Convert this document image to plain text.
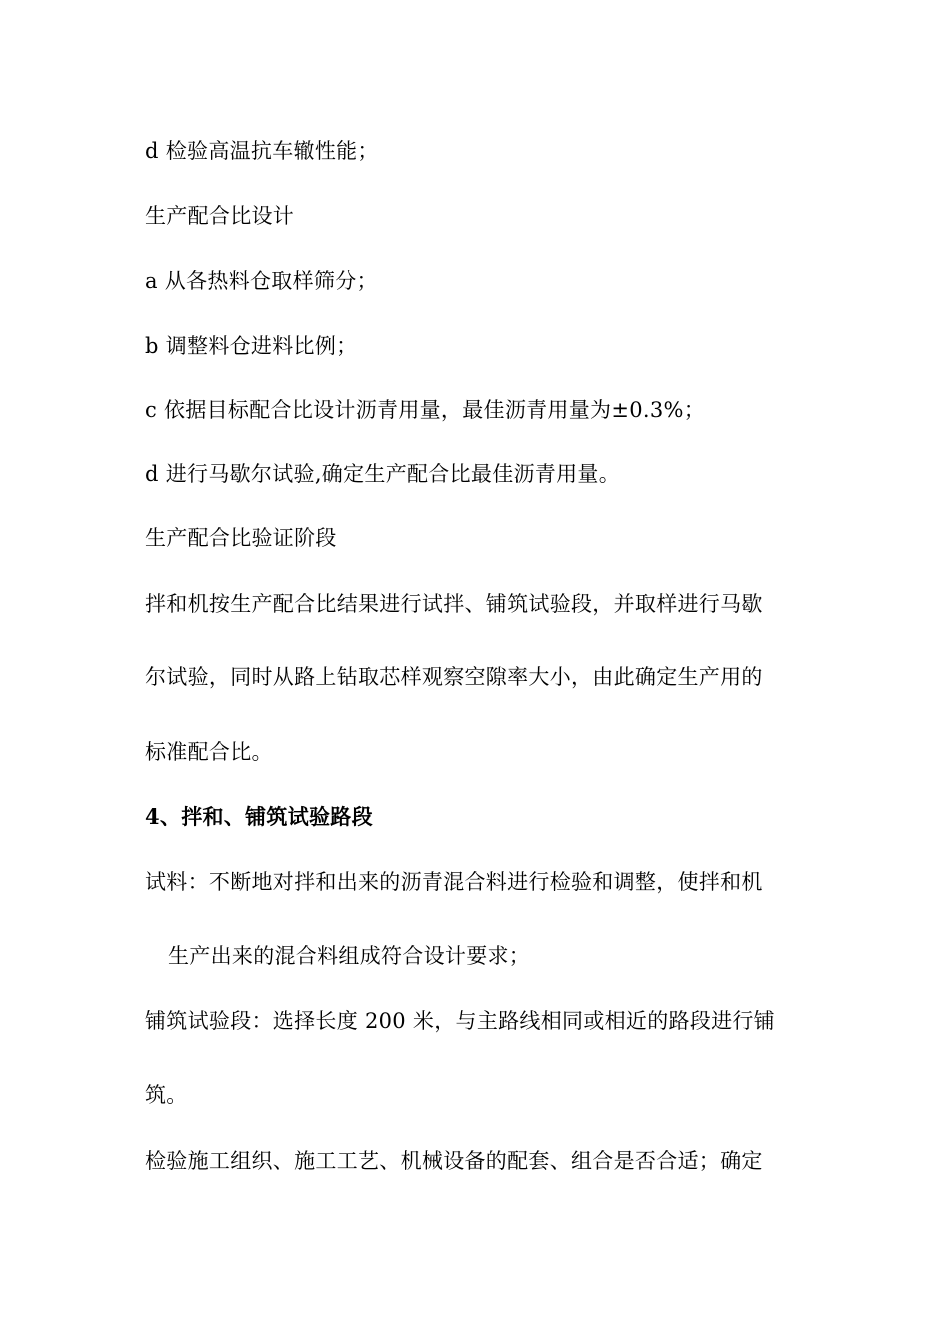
d 检验高温抗车辙性能；
生产配合比设计
a 从各热料仓取样筛分；
b 调整料仓进料比例；
c 依据目标配合比设计沥青用量，最佳沥青用量为±0.3%；
d 进行马歇尔试验,确定生产配合比最佳沥青用量。
生产配合比验证阶段
拌和机按生产配合比结果进行试拌、铺筑试验段，并取样进行马歇
尔试验，同时从路上钻取芯样观察空隙率大小，由此确定生产用的
标准配合比。
4、拌和、铺筑试验路段
试料：不断地对拌和出来的沥青混合料进行检验和调整，使拌和机
生产出来的混合料组成符合设计要求；
铺筑试验段：选择长度 200 米，与主路线相同或相近的路段进行铺
筑。
检验施工组织、施工工艺、机械设备的配套、组合是否合适；确定
